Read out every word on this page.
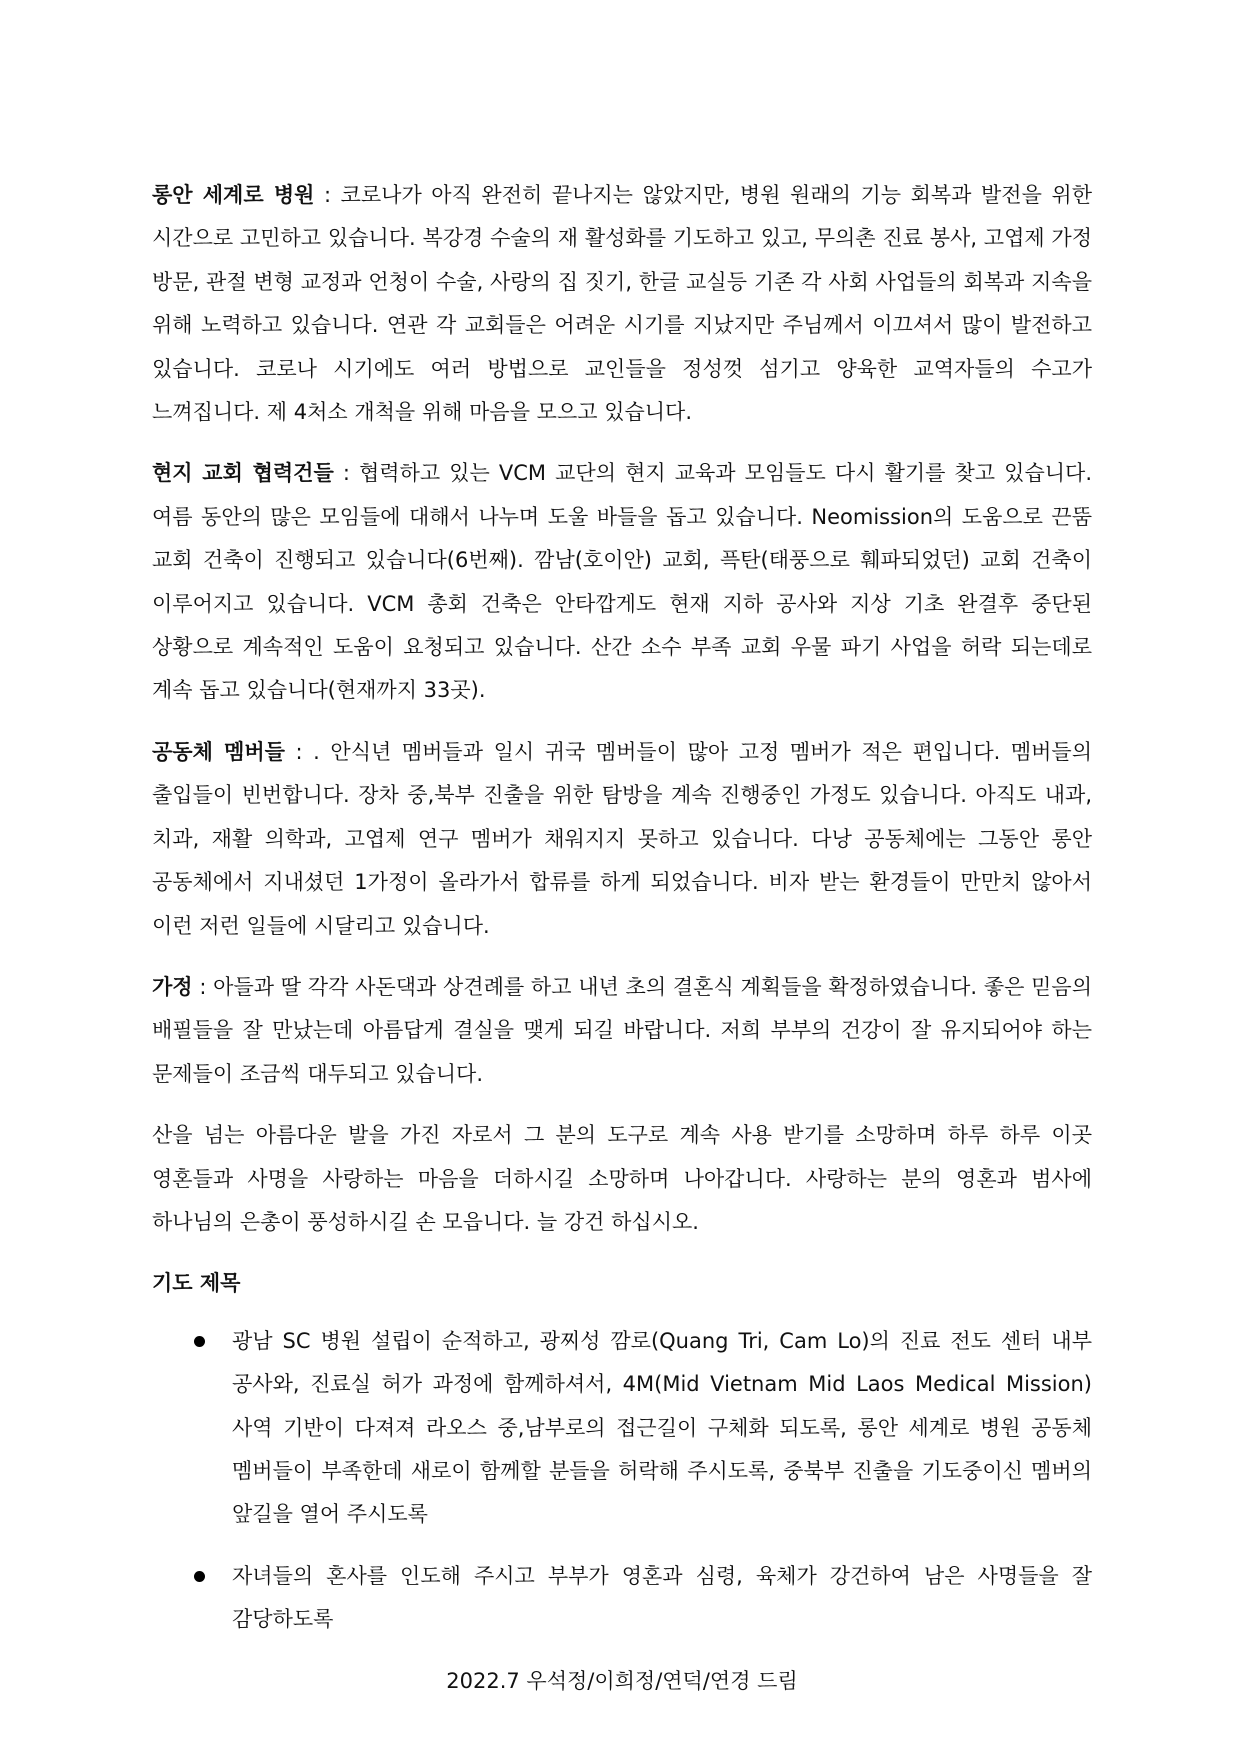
롱안 세계로 병원 : 코로나가 아직 완전히 끝나지는 않았지만, 병원 원래의 기능 회복과 발전을 위한 시간으로 고민하고 있습니다. 복강경 수술의 재 활성화를 기도하고 있고, 무의촌 진료 봉사, 고엽제 가정 방문, 관절 변형 교정과 언청이 수술, 사랑의 집 짓기, 한글 교실등 기존 각 사회 사업들의 회복과 지속을 위해 노력하고 있습니다. 연관 각 교회들은 어려운 시기를 지났지만 주님께서 이끄셔서 많이 발전하고 있습니다. 코로나 시기에도 여러 방법으로 교인들을 정성껏 섬기고 양육한 교역자들의 수고가 느껴집니다. 제 4처소 개척을 위해 마음을 모으고 있습니다.

현지 교회 협력건들 : 협력하고 있는 VCM 교단의 현지 교육과 모임들도 다시 활기를 찾고 있습니다. 여름 동안의 많은 모임들에 대해서 나누며 도울 바들을 돕고 있습니다. Neomission의 도움으로 끈뚬 교회 건축이 진행되고 있습니다(6번째). 깜남(호이안) 교회, 픅탄(태풍으로 훼파되었던) 교회 건축이 이루어지고 있습니다. VCM 총회 건축은 안타깝게도 현재 지하 공사와 지상 기초 완결후 중단된 상황으로 계속적인 도움이 요청되고 있습니다. 산간 소수 부족 교회 우물 파기 사업을 허락 되는데로 계속 돕고 있습니다(현재까지 33곳).

공동체 멤버들 : . 안식년 멤버들과 일시 귀국 멤버들이 많아 고정 멤버가 적은 편입니다. 멤버들의 출입들이 빈번합니다. 장차 중,북부 진출을 위한 탐방을 계속 진행중인 가정도 있습니다. 아직도 내과, 치과, 재활 의학과, 고엽제 연구 멤버가 채워지지 못하고 있습니다. 다낭 공동체에는 그동안 롱안 공동체에서 지내셨던 1가정이 올라가서 합류를 하게 되었습니다. 비자 받는 환경들이 만만치 않아서 이런 저런 일들에 시달리고 있습니다.

가정 : 아들과 딸 각각 사돈댁과 상견례를 하고 내년 초의 결혼식 계획들을 확정하였습니다. 좋은 믿음의 배필들을 잘 만났는데 아름답게 결실을 맺게 되길 바랍니다. 저희 부부의 건강이 잘 유지되어야 하는 문제들이 조금씩 대두되고 있습니다.

산을 넘는 아름다운 발을 가진 자로서 그 분의 도구로 계속 사용 받기를 소망하며 하루 하루 이곳 영혼들과 사명을 사랑하는 마음을 더하시길 소망하며 나아갑니다. 사랑하는 분의 영혼과 범사에 하나님의 은총이 풍성하시길 손 모읍니다. 늘 강건 하십시오.

기도 제목

광남 SC 병원 설립이 순적하고, 광찌성 깜로(Quang Tri, Cam Lo)의 진료 전도 센터 내부 공사와, 진료실 허가 과정에 함께하셔서, 4M(Mid Vietnam Mid Laos Medical Mission)사역 기반이 다져져 라오스 중,남부로의 접근길이 구체화 되도록, 롱안 세계로 병원 공동체 멤버들이 부족한데 새로이 함께할 분들을 허락해 주시도록, 중북부 진출을 기도중이신 멤버의 앞길을 열어 주시도록
자녀들의 혼사를 인도해 주시고 부부가 영혼과 심령, 육체가 강건하여 남은 사명들을 잘 감당하도록

2022.7 우석정/이희정/연덕/연경 드림
